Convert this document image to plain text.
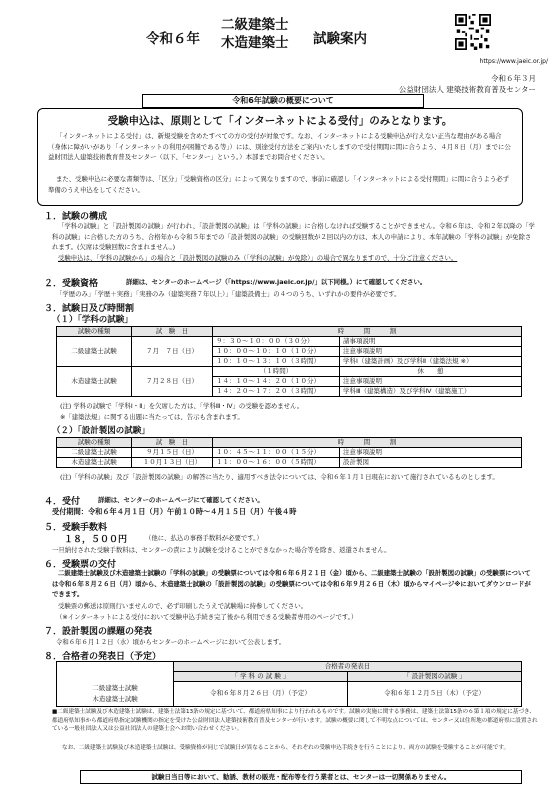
令和６年
二級建築士
木造建築士 試験案内
https://www.jaeic.or.jp/
令和６年３月
公益財団法人 建築技術教育普及センター
令和6年試験の概要について
受験申込は、原則として「インターネットによる受付」のみとなります。
「インターネットによる受付」は、新規受験を含めたすべての方の受付が対象です。なお、インターネットによる受験申込が行えない正当な理由がある場合（身体に障がいがあり「インターネットの利用が困難である等」）には、別途受付方法をご案内いたしますので受付期間に間に合うよう、４月８日（月）までに公益財団法人建築技術教育普及センター（以下、「センター」という。）本部までお問合せください。
また、受験申込に必要な書類等は、「区分」「受験資格の区分」によって異なりますので、事前に確認し「インターネットによる受付期間」に間に合うよう必ず準備のうえ申込をしてください。
１．試験の構成
「学科の試験」と「設計製図の試験」が行われ、「設計製図の試験」は「学科の試験」に合格しなければ受験することができません。令和６年は、令和２年以降の「学科の試験」に合格した方のうち、合格年から令和５年までの「設計製図の試験」の受験回数が２回以内の方は、本人の申請により、本年試験の「学科の試験」が免除されます。(欠席は受験回数に含まれません。)
受験申込は、「学科の試験から」の場合と「設計製図の試験のみ（「学科の試験」が免除）」の場合で異なりますので、十分ご注意ください。
２．受験資格	詳細は、センターのホームページ（「https://www.jaeic.or.jp/」以下同様。）にて確認してください。
「学歴のみ」「学歴＋実務」「実務のみ（建築実務７年以上）」「建築設備士」の４つのうち、いずれかの要件が必要です。
３．試験日及び時間割
（１）「学科の試験」
試験の種類	試　験　日	時　　　間　　　割	
二級建築士試験	７月　７日（日）	９：３０～１０：００（３０分）	諸事項説明
		１０：００～１０：１０（１０分）	注意事項説明
		１０：１０～１３：１０（３時間）	学科Ⅰ（建築計画）及び学科Ⅱ（建築法規 ※）
木造建築士試験	７月２８日（日）	（１時間）	休　　憩
		１４：１０～１４：２０（１０分）	注意事項説明
		１４：２０～１７：２０（３時間）	学科Ⅲ（建築構造）及び学科Ⅳ（建築施工）
(注) 学科の試験で「学科Ⅰ・Ⅱ」を欠席した方は、「学科Ⅲ・Ⅳ」の受験を認めません。
※「建築法規」に関する出題に当たっては、告示も含まれます。
（２）「設計製図の試験」
試験の種類	試　験　日	時　　　間　　　割	
二級建築士試験	９月１５日（日）	１０：４５～１１：００（１５分）	注意事項説明
木造建築士試験	１０月１３日（日）	１１：００～１６：００（５時間）	設計製図
(注)「学科の試験」及び「設計製図の試験」の解答に当たり、適用すべき法令については、令和６年１月１日現在において施行されているものとします。
４．受付	詳細は、センターのホームページにて確認してください。
受付期間：令和６年４月１日（月）午前１０時～４月１５日（月）午後４時
５．受験手数料
１８，５００円	（他に、払込の事務手数料が必要です。）
一旦納付された受験手数料は、センターの責により試験を受けることができなかった場合等を除き、返還されません。
６．受験票の交付
二級建築士試験及び木造建築士試験の「学科の試験」の受験票については令和６年６月２１日（金）頃から、二級建築士試験の「設計製図の試験」の受験票については令和６年８月２６日（月）頃から、木造建築士試験の「設計製図の試験」の受験票については令和６年９月２６日（木）頃からマイページ※においてダウンロードができます。
受験票の郵送は原則行いませんので、必ず印刷したうえで試験場に持参してください。
（※インターネットによる受付において受験申込手続き完了後から利用できる受験者専用のページです。）
７．設計製図の課題の発表
令和６年６月１２日（水）頃からセンターのホームページにおいて公表します。
８．合格者の発表日（予定）
	合格者の発表日	
	「 学 科 の 試 験 」	「 設計製図の試験 」

二級建築士試験
木造建築士試験	令和６年８月２６日（月）（予定）	令和６年１２月５日（木）（予定）
■二級建築士試験及び木造建築士試験は、建築士法第13条の規定に基づいて、都道府県知事により行われるものです。試験の実施に関する事務は、建築士法第15条の６第１項の規定に基づき、都道府県知事から都道府県指定試験機関の指定を受けた公益財団法人建築技術教育普及センターが行います。試験の概要に関して不明な点については、センター又は住所地の都道府県に設置されている一般社団法人又は公益社団法人の建築士会へお問い合わせください。
なお、二級建築士試験及び木造建築士試験は、受験資格が同じで試験日が異なることから、それぞれの受験申込手続きを行うことにより、両方の試験を受験することが可能です。
試験日当日等において、勧誘、教材の販売・配布等を行う業者とは、センターは一切関係ありません。
